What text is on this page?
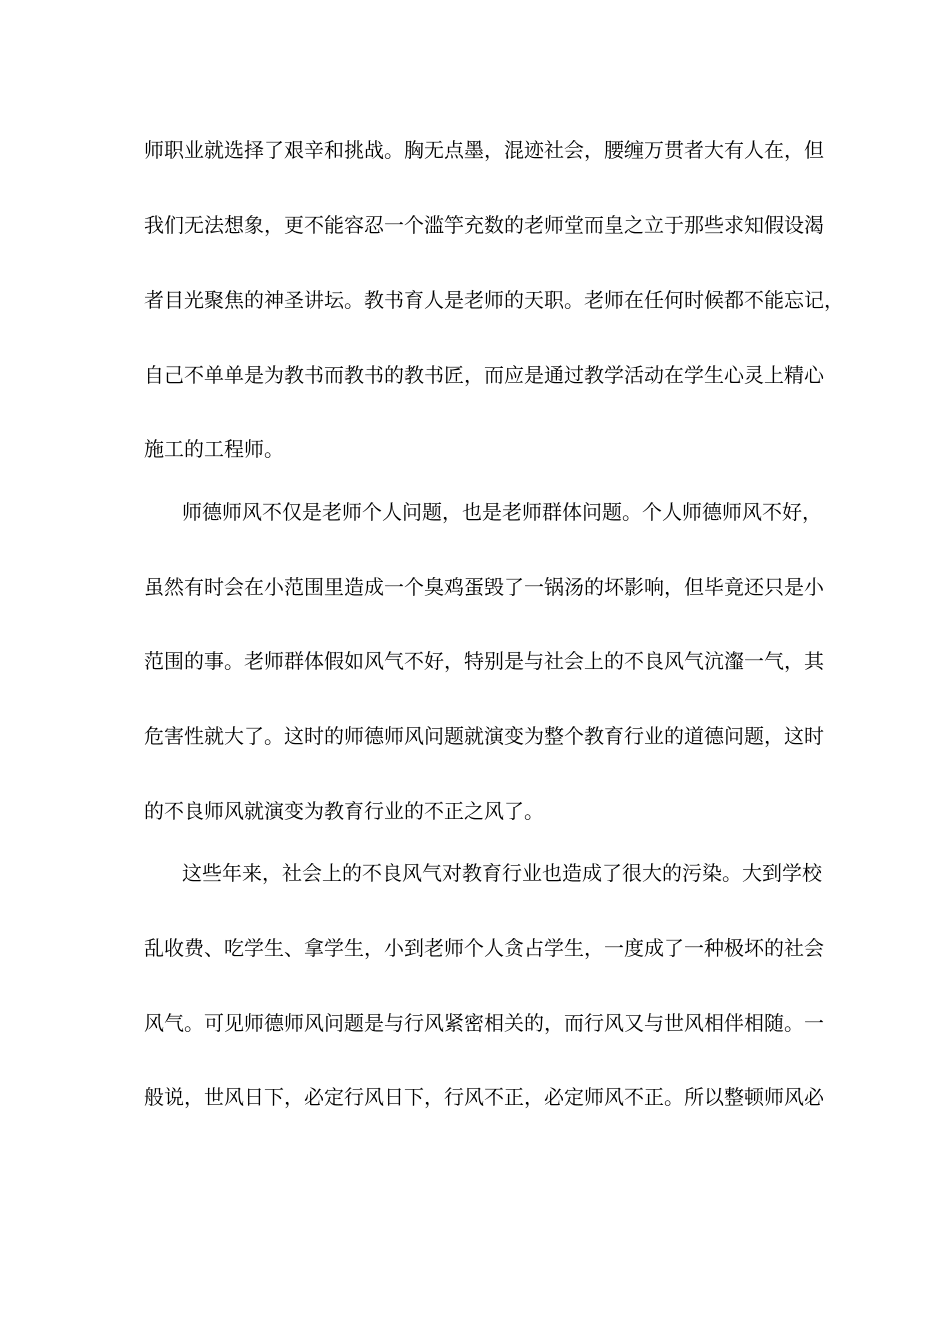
师职业就选择了艰辛和挑战。胸无点墨，混迹社会，腰缠万贯者大有人在，但
我们无法想象，更不能容忍一个滥竽充数的老师堂而皇之立于那些求知假设渴
者目光聚焦的神圣讲坛。教书育人是老师的天职。老师在任何时候都不能忘记，
自己不单单是为教书而教书的教书匠，而应是通过教学活动在学生心灵上精心
施工的工程师。
师德师风不仅是老师个人问题，也是老师群体问题。个人师德师风不好，
虽然有时会在小范围里造成一个臭鸡蛋毁了一锅汤的坏影响，但毕竟还只是小
范围的事。老师群体假如风气不好，特别是与社会上的不良风气沆瀣一气，其
危害性就大了。这时的师德师风问题就演变为整个教育行业的道德问题，这时
的不良师风就演变为教育行业的不正之风了。
这些年来，社会上的不良风气对教育行业也造成了很大的污染。大到学校
乱收费、吃学生、拿学生，小到老师个人贪占学生，一度成了一种极坏的社会
风气。可见师德师风问题是与行风紧密相关的，而行风又与世风相伴相随。一
般说，世风日下，必定行风日下，行风不正，必定师风不正。所以整顿师风必
